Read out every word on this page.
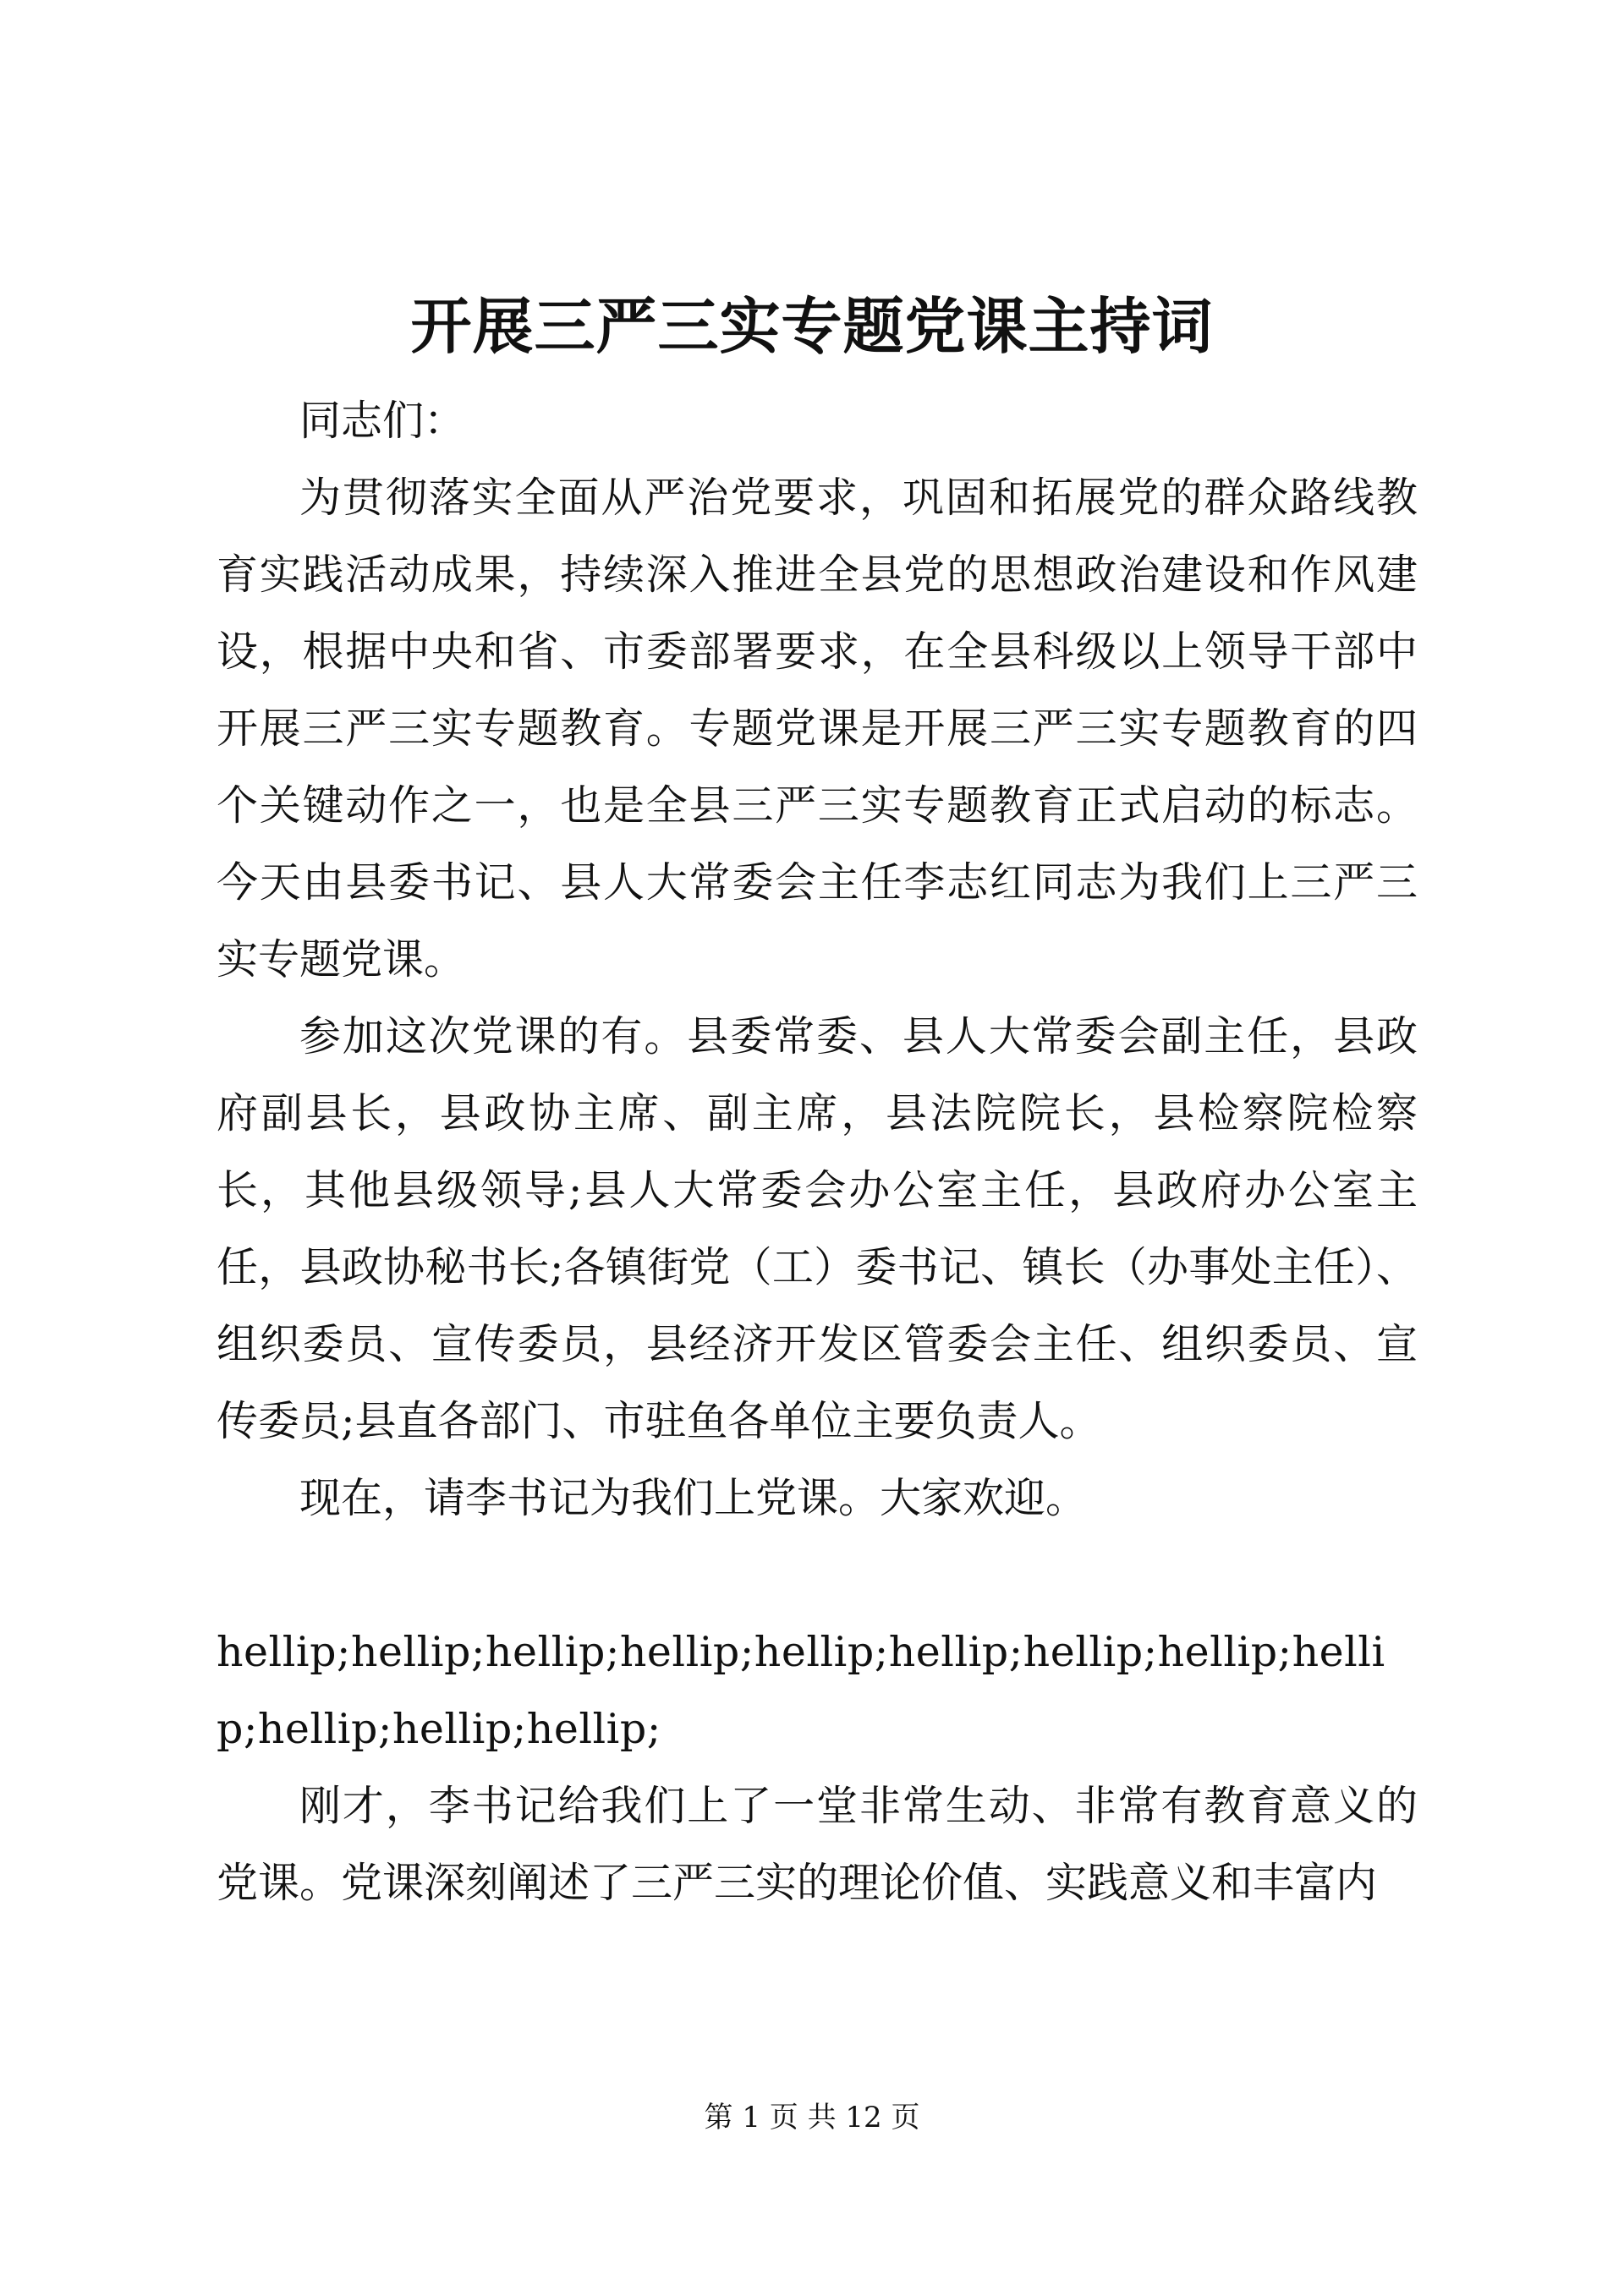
开展三严三实专题党课主持词

同志们：

为贯彻落实全面从严治党要求，巩固和拓展党的群众路线教育实践活动成果，持续深入推进全县党的思想政治建设和作风建设，根据中央和省、市委部署要求，在全县科级以上领导干部中开展三严三实专题教育。专题党课是开展三严三实专题教育的四个关键动作之一，也是全县三严三实专题教育正式启动的标志。今天由县委书记、县人大常委会主任李志红同志为我们上三严三实专题党课。

参加这次党课的有。县委常委、县人大常委会副主任，县政府副县长，县政协主席、副主席，县法院院长，县检察院检察长，其他县级领导;县人大常委会办公室主任，县政府办公室主任，县政协秘书长;各镇街党（工）委书记、镇长（办事处主任）、组织委员、宣传委员，县经济开发区管委会主任、组织委员、宣传委员;县直各部门、市驻鱼各单位主要负责人。

现在，请李书记为我们上党课。大家欢迎。

hellip;hellip;hellip;hellip;hellip;hellip;hellip;hellip;hellip;hellip;hellip;hellip;

刚才，李书记给我们上了一堂非常生动、非常有教育意义的党课。党课深刻阐述了三严三实的理论价值、实践意义和丰富内

第 1 页 共 12 页
